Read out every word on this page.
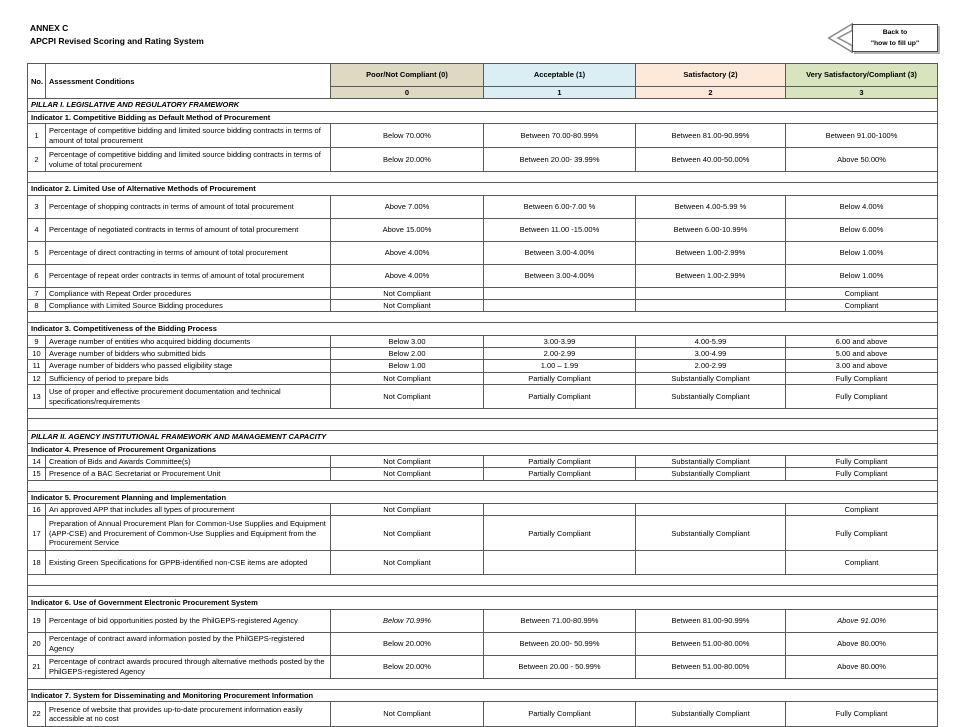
ANNEX C
APCPI Revised Scoring and Rating System
Back to
"how to fill up"
No.	Assessment Conditions	Poor/Not Compliant (0)	Acceptable (1)	Satisfactory (2)	Very Satisfactory/Compliant (3)
		0	1	2	3
PILLAR I. LEGISLATIVE AND REGULATORY FRAMEWORK					
Indicator 1. Competitive Bidding as Default Method of Procurement					
1	Percentage of competitive bidding and limited source bidding contracts in terms of amount of total procurement	Below 70.00%	Between 70.00-80.99%	Between 81.00-90.99%	Between 91.00-100%
2	Percentage of competitive bidding and limited source bidding contracts in terms of volume of total procurement	Below 20.00%	Between 20.00- 39.99%	Between 40.00-50.00%	Above 50.00%

Indicator 2. Limited Use of Alternative Methods of Procurement					
3	Percentage of shopping contracts in terms of amount of total procurement	Above 7.00%	Between 6.00-7.00 %	Between 4.00-5.99 %	Below 4.00%
4	Percentage of negotiated contracts in terms of amount of total procurement	Above 15.00%	Between 11.00 -15.00%	Between 6.00-10.99%	Below 6.00%
5	Percentage of direct contracting in terms of amount of total procurement	Above 4.00%	Between 3.00-4.00%	Between 1.00-2.99%	Below 1.00%
6	Percentage of repeat order contracts in terms of amount of total procurement	Above 4.00%	Between 3.00-4.00%	Between 1.00-2.99%	Below 1.00%
7	Compliance with Repeat Order procedures	Not Compliant			Compliant
8	Compliance with Limited Source Bidding procedures	Not Compliant			Compliant

Indicator 3. Competitiveness of the Bidding Process					
9	Average number of entities who acquired bidding documents	Below 3.00	3.00-3.99	4.00-5.99	6.00 and above
10	Average number of bidders who submitted bids	Below 2.00	2.00-2.99	3.00-4.99	5.00 and above
11	Average number of bidders who passed eligibility stage	Below 1.00	1.00 – 1.99	2.00-2.99	3.00 and above
12	Sufficiency of period to prepare bids	Not Compliant	Partially Compliant	Substantially Compliant	Fully Compliant
13	Use of proper and effective procurement documentation and technical specifications/requirements	Not Compliant	Partially Compliant	Substantially Compliant	Fully Compliant

PILLAR II. AGENCY INSTITUTIONAL FRAMEWORK AND MANAGEMENT CAPACITY					
Indicator 4. Presence of Procurement Organizations					
14	Creation of Bids and Awards Committee(s)	Not Compliant	Partially Compliant	Substantially Compliant	Fully Compliant
15	Presence of a BAC Secretariat or Procurement Unit	Not Compliant	Partially Compliant	Substantially Compliant	Fully Compliant

Indicator 5. Procurement Planning and Implementation					
16	An approved APP that includes all types of procurement	Not Compliant			Compliant
17	Preparation of Annual Procurement Plan for Common-Use Supplies and Equipment (APP-CSE) and Procurement of Common-Use Supplies and Equipment from the Procurement Service	Not Compliant	Partially Compliant	Substantially Compliant	Fully Compliant
18	Existing Green Specifications for GPPB-identified non-CSE items are adopted	Not Compliant			Compliant

Indicator 6. Use of Government Electronic Procurement System					
19	Percentage of bid opportunities posted by the PhilGEPS-registered Agency	Below 70.99%	Between 71.00-80.99%	Between 81.00-90.99%	Above 91.00%
20	Percentage of contract award information posted by the PhilGEPS-registered Agency	Below 20.00%	Between 20.00- 50.99%	Between 51.00-80.00%	Above 80.00%
21	Percentage of contract awards procured through alternative methods posted by the PhilGEPS-registered Agency	Below 20.00%	Between 20.00 - 50.99%	Between 51.00-80.00%	Above 80.00%

Indicator 7. System for Disseminating and Monitoring Procurement Information					
22	Presence of website that provides up-to-date procurement information easily accessible at no cost	Not Compliant	Partially Compliant	Substantially Compliant	Fully Compliant
